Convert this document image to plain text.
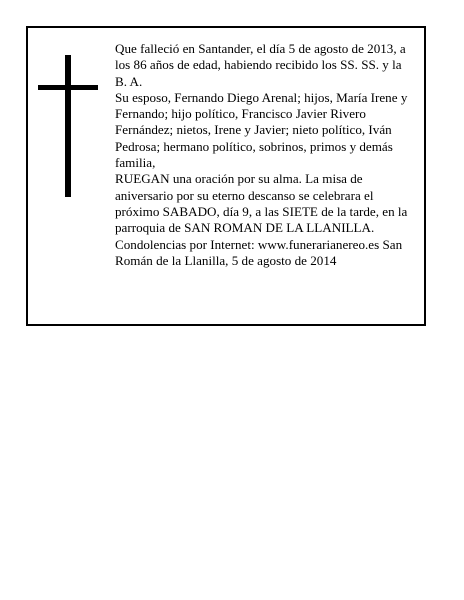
Que falleció en Santander, el día 5 de agosto de 2013, a

los 86 años de edad, habiendo recibido los SS. SS. y la

B. A.

Su esposo, Fernando Diego Arenal; hijos, María Irene y

Fernando; hijo político, Francisco Javier Rivero

Fernández; nietos, Irene y Javier; nieto político, Iván

Pedrosa; hermano político, sobrinos, primos y demás

familia,

RUEGAN una oración por su alma. La misa de

aniversario por su eterno descanso se celebrara el

próximo SABADO, día 9, a las SIETE de la tarde, en la

parroquia de SAN ROMAN DE LA LLANILLA.

Condolencias por Internet: www.funerarianereo.es San

Román de la Llanilla, 5 de agosto de 2014
